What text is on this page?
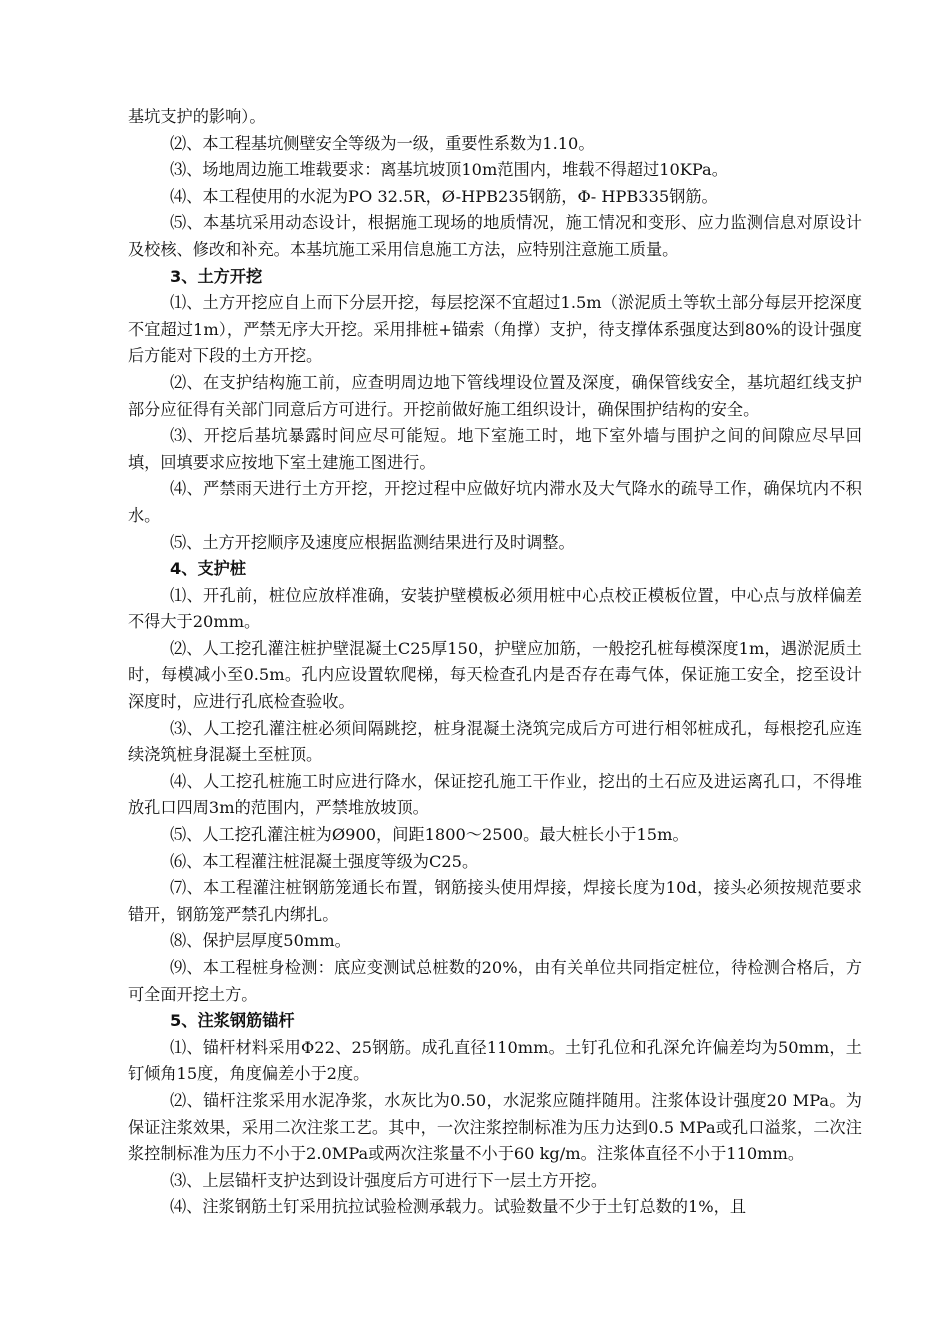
基坑支护的影响）。

⑵、本工程基坑侧壁安全等级为一级，重要性系数为1.10。

⑶、场地周边施工堆载要求：离基坑坡顶10m范围内，堆载不得超过10KPa。

⑷、本工程使用的水泥为PO 32.5R，Ø-HPB235钢筋，Φ- HPB335钢筋。

⑸、本基坑采用动态设计，根据施工现场的地质情况，施工情况和变形、应力监测信息对原设计及校核、修改和补充。本基坑施工采用信息施工方法，应特别注意施工质量。

3、土方开挖

⑴、土方开挖应自上而下分层开挖，每层挖深不宜超过1.5m（淤泥质土等软土部分每层开挖深度不宜超过1m），严禁无序大开挖。采用排桩+锚索（角撑）支护，待支撑体系强度达到80%的设计强度后方能对下段的土方开挖。

⑵、在支护结构施工前，应查明周边地下管线埋设位置及深度，确保管线安全，基坑超红线支护部分应征得有关部门同意后方可进行。开挖前做好施工组织设计，确保围护结构的安全。

⑶、开挖后基坑暴露时间应尽可能短。地下室施工时，地下室外墙与围护之间的间隙应尽早回填，回填要求应按地下室土建施工图进行。

⑷、严禁雨天进行土方开挖，开挖过程中应做好坑内滞水及大气降水的疏导工作，确保坑内不积水。

⑸、土方开挖顺序及速度应根据监测结果进行及时调整。

4、支护桩

⑴、开孔前，桩位应放样准确，安装护壁模板必须用桩中心点校正模板位置，中心点与放样偏差不得大于20mm。

⑵、人工挖孔灌注桩护壁混凝土C25厚150，护壁应加筋，一般挖孔桩每模深度1m，遇淤泥质土时，每模减小至0.5m。孔内应设置软爬梯，每天检查孔内是否存在毒气体，保证施工安全，挖至设计深度时，应进行孔底检查验收。

⑶、人工挖孔灌注桩必须间隔跳挖，桩身混凝土浇筑完成后方可进行相邻桩成孔，每根挖孔应连续浇筑桩身混凝土至桩顶。

⑷、人工挖孔桩施工时应进行降水，保证挖孔施工干作业，挖出的土石应及进运离孔口，不得堆放孔口四周3m的范围内，严禁堆放坡顶。

⑸、人工挖孔灌注桩为Ø900，间距1800～2500。最大桩长小于15m。

⑹、本工程灌注桩混凝土强度等级为C25。

⑺、本工程灌注桩钢筋笼通长布置，钢筋接头使用焊接，焊接长度为10d，接头必须按规范要求错开，钢筋笼严禁孔内绑扎。

⑻、保护层厚度50mm。

⑼、本工程桩身检测：底应变测试总桩数的20%，由有关单位共同指定桩位，待检测合格后，方可全面开挖土方。

5、注浆钢筋锚杆

⑴、锚杆材料采用Φ22、25钢筋。成孔直径110mm。土钉孔位和孔深允许偏差均为50mm，土钉倾角15度，角度偏差小于2度。

⑵、锚杆注浆采用水泥净浆，水灰比为0.50，水泥浆应随拌随用。注浆体设计强度20 MPa。为保证注浆效果，采用二次注浆工艺。其中，一次注浆控制标准为压力达到0.5 MPa或孔口溢浆，二次注浆控制标准为压力不小于2.0MPa或两次注浆量不小于60 kg/m。注浆体直径不小于110mm。

⑶、上层锚杆支护达到设计强度后方可进行下一层土方开挖。

⑷、注浆钢筋土钉采用抗拉试验检测承载力。试验数量不少于土钉总数的1%，且
